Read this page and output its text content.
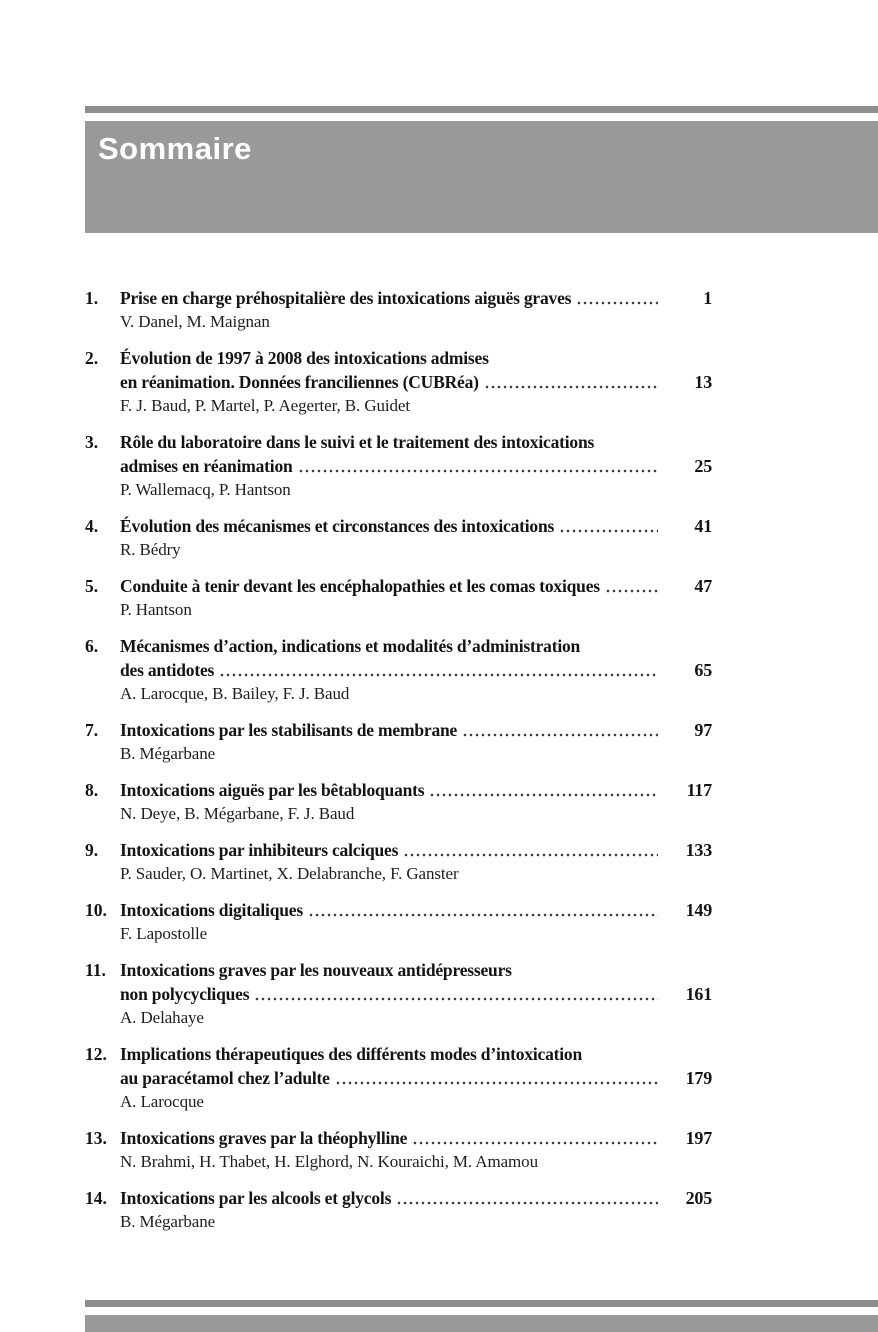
Sommaire
1.	Prise en charge préhospitalière des intoxications aiguës graves	1
V. Danel, M. Maignan
2.	Évolution de 1997 à 2008 des intoxications admises
en réanimation. Données franciliennes (CUBRéa)	13
F. J. Baud, P. Martel, P. Aegerter, B. Guidet
3.	Rôle du laboratoire dans le suivi et le traitement des intoxications
admises en réanimation	25
P. Wallemacq, P. Hantson
4.	Évolution des mécanismes et circonstances des intoxications	41
R. Bédry
5.	Conduite à tenir devant les encéphalopathies et les comas toxiques	47
P. Hantson
6.	Mécanismes d’action, indications et modalités d’administration
des antidotes	65
A. Larocque, B. Bailey, F. J. Baud
7.	Intoxications par les stabilisants de membrane	97
B. Mégarbane
8.	Intoxications aiguës par les bêtabloquants	117
N. Deye, B. Mégarbane, F. J. Baud
9.	Intoxications par inhibiteurs calciques	133
P. Sauder, O. Martinet, X. Delabranche, F. Ganster
10. Intoxications digitaliques	149
F. Lapostolle
11. Intoxications graves par les nouveaux antidépresseurs
non polycycliques	161
A. Delahaye
12. Implications thérapeutiques des différents modes d’intoxication
au paracétamol chez l’adulte	179
A. Larocque
13. Intoxications graves par la théophylline	197
N. Brahmi, H. Thabet, H. Elghord, N. Kouraichi, M. Amamou
14. Intoxications par les alcools et glycols	205
B. Mégarbane
